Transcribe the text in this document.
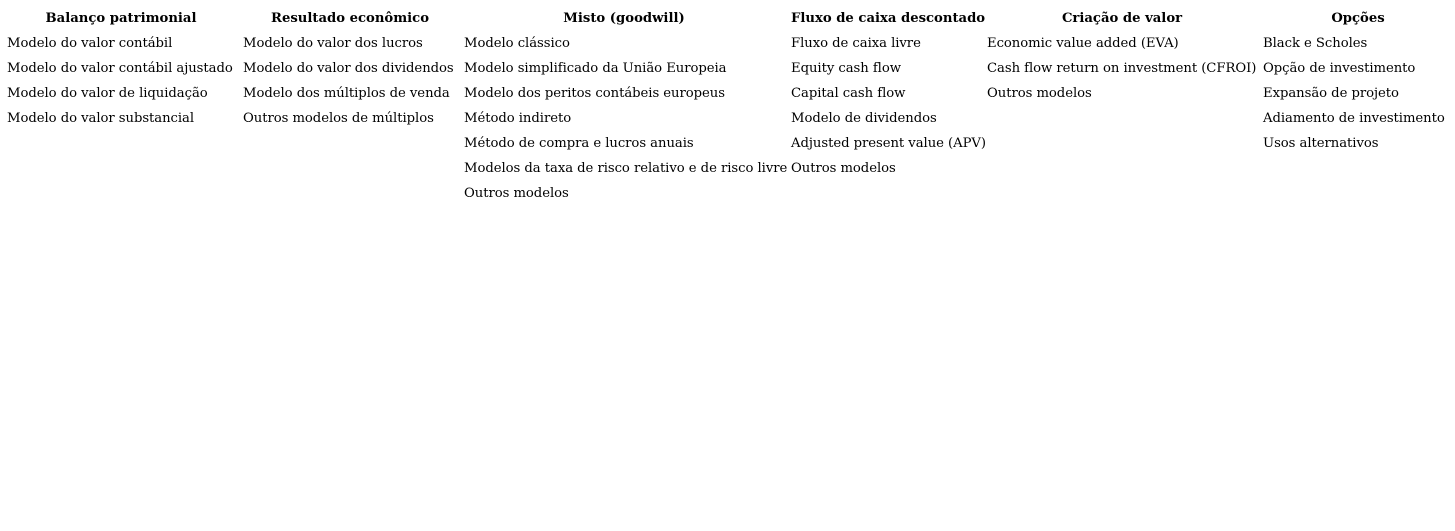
Balanço patrimonial
Modelo do valor contábil
Modelo do valor contábil ajustado
Modelo do valor de liquidação
Modelo do valor substancial
Resultado econômico
Modelo do valor dos lucros
Modelo do valor dos dividendos
Modelo dos múltiplos de venda
Outros modelos de múltiplos
Misto (goodwill)
Modelo clássico
Modelo simplificado da União Europeia
Modelo dos peritos contábeis europeus
Método indireto
Método de compra e lucros anuais
Modelos da taxa de risco relativo e de risco livre
Outros modelos
Fluxo de caixa descontado
Fluxo de caixa livre
Equity cash flow
Capital cash flow
Modelo de dividendos
Adjusted present value (APV)
Outros modelos
Criação de valor
Economic value added (EVA)
Cash flow return on investment (CFROI)
Outros modelos
Opções
Black e Scholes
Opção de investimento
Expansão de projeto
Adiamento de investimento
Usos alternativos
